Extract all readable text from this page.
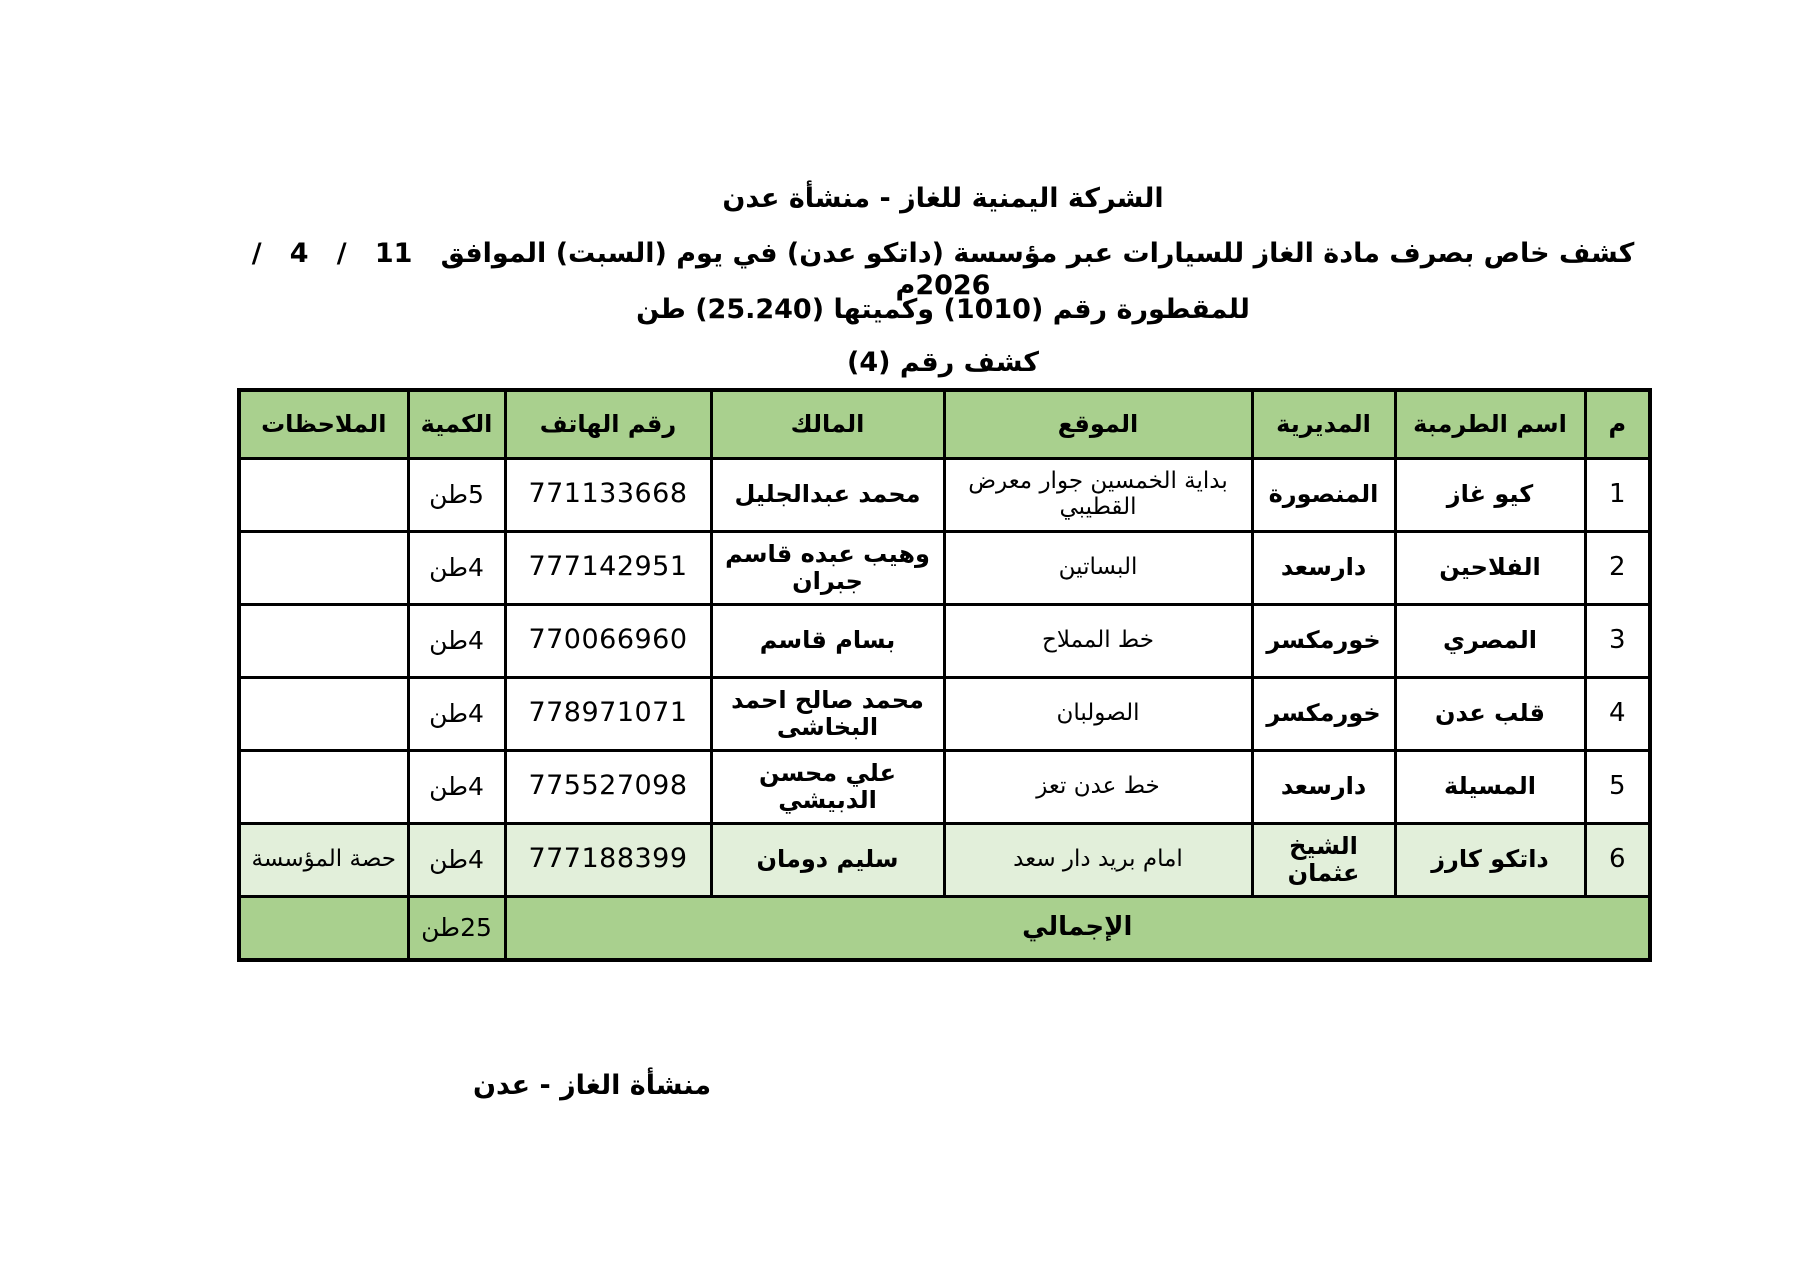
الشركة اليمنية للغاز - منشأة عدن
كشف خاص بصرف مادة الغاز للسيارات عبر مؤسسة (داتكو عدن) في يوم (السبت) الموافق   11   /   4   /  2026م
للمقطورة رقم (1010) وكميتها (25.240) طن
كشف رقم (4)
م	اسم الطرمبة	المديرية	الموقع	المالك	رقم الهاتف	الكمية	الملاحظات
1	كيو غاز	المنصورة	بداية الخمسين جوار معرض القطيبي	محمد عبدالجليل	771133668	5طن	
2	الفلاحين	دارسعد	البساتين	وهيب عبده قاسم جبران	777142951	4طن	
3	المصري	خورمكسر	خط المملاح	بسام قاسم	770066960	4طن	
4	قلب عدن	خورمكسر	الصولبان	محمد صالح احمد البخاشى	778971071	4طن	
5	المسيلة	دارسعد	خط عدن تعز	علي محسن الدبيشي	775527098	4طن	
6	داتكو كارز	الشيخ عثمان	امام بريد دار سعد	سليم دومان	777188399	4طن	حصة المؤسسة
الإجمالي						25طن	
منشأة الغاز - عدن
